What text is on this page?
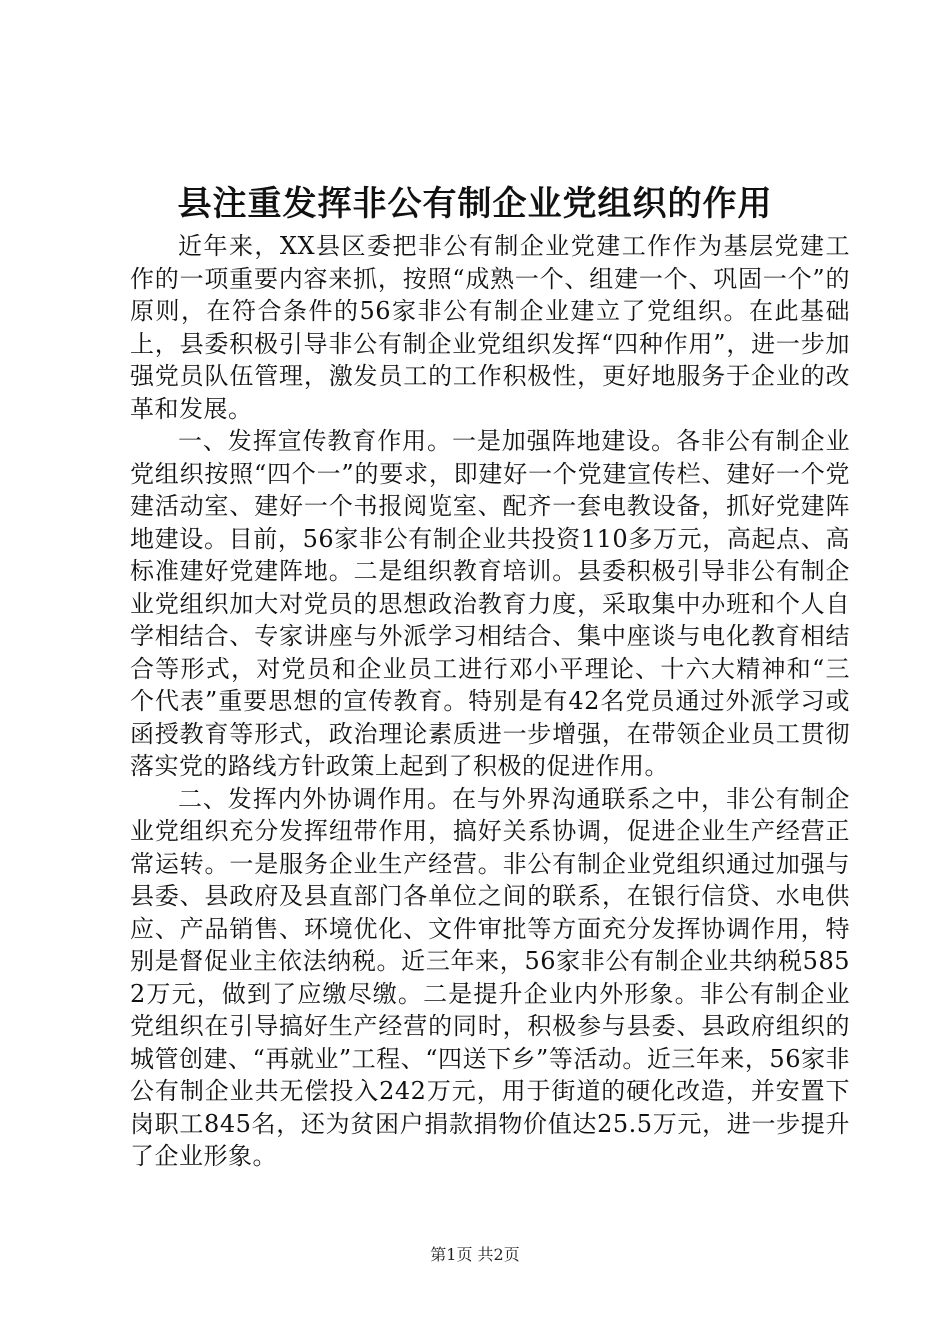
县注重发挥非公有制企业党组织的作用

近年来，XX县区委把非公有制企业党建工作作为基层党建工作的一项重要内容来抓，按照“成熟一个、组建一个、巩固一个”的原则，在符合条件的56家非公有制企业建立了党组织。在此基础上，县委积极引导非公有制企业党组织发挥“四种作用”，进一步加强党员队伍管理，激发员工的工作积极性，更好地服务于企业的改革和发展。

一、发挥宣传教育作用。一是加强阵地建设。各非公有制企业党组织按照“四个一”的要求，即建好一个党建宣传栏、建好一个党建活动室、建好一个书报阅览室、配齐一套电教设备，抓好党建阵地建设。目前，56家非公有制企业共投资110多万元，高起点、高标准建好党建阵地。二是组织教育培训。县委积极引导非公有制企业党组织加大对党员的思想政治教育力度，采取集中办班和个人自学相结合、专家讲座与外派学习相结合、集中座谈与电化教育相结合等形式，对党员和企业员工进行邓小平理论、十六大精神和“三个代表”重要思想的宣传教育。特别是有42名党员通过外派学习或函授教育等形式，政治理论素质进一步增强，在带领企业员工贯彻落实党的路线方针政策上起到了积极的促进作用。

二、发挥内外协调作用。在与外界沟通联系之中，非公有制企业党组织充分发挥纽带作用，搞好关系协调，促进企业生产经营正常运转。一是服务企业生产经营。非公有制企业党组织通过加强与县委、县政府及县直部门各单位之间的联系，在银行信贷、水电供应、产品销售、环境优化、文件审批等方面充分发挥协调作用，特别是督促业主依法纳税。近三年来，56家非公有制企业共纳税5852万元，做到了应缴尽缴。二是提升企业内外形象。非公有制企业党组织在引导搞好生产经营的同时，积极参与县委、县政府组织的城管创建、“再就业”工程、“四送下乡”等活动。近三年来，56家非公有制企业共无偿投入242万元，用于街道的硬化改造，并安置下岗职工845名，还为贫困户捐款捐物价值达25.5万元，进一步提升了企业形象。

第1页 共2页
